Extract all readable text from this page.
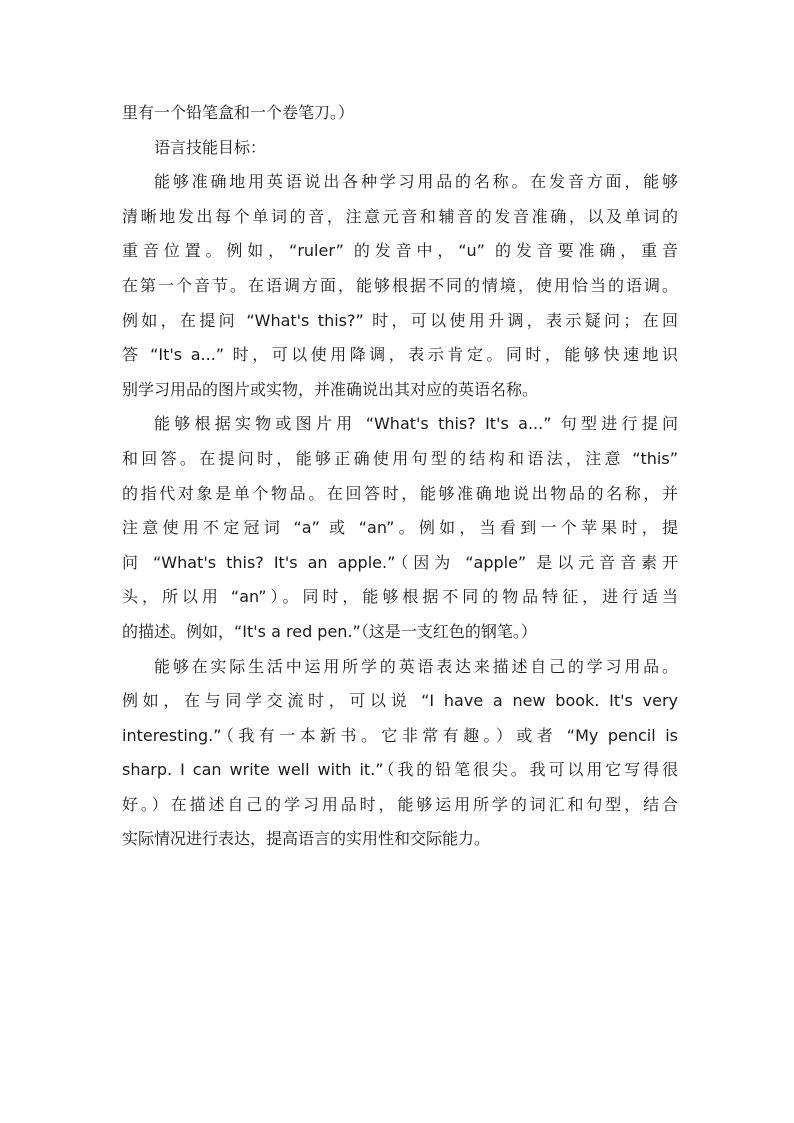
里有一个铅笔盒和一个卷笔刀。）
语言技能目标：
能够准确地用英语说出各种学习用品的名称。在发音方面，能够
清晰地发出每个单词的音，注意元音和辅音的发音准确，以及单词的
重音位置。例如，“ruler” 的发音中，“u” 的发音要准确，重音
在第一个音节。在语调方面，能够根据不同的情境，使用恰当的语调。
例如，在提问 “What's this?” 时，可以使用升调，表示疑问；在回
答 “It's a...” 时，可以使用降调，表示肯定。同时，能够快速地识
别学习用品的图片或实物，并准确说出其对应的英语名称。
能够根据实物或图片用 “What's this? It's a...” 句型进行提问
和回答。在提问时，能够正确使用句型的结构和语法，注意 “this”
的指代对象是单个物品。在回答时，能够准确地说出物品的名称，并
注意使用不定冠词 “a” 或 “an”。例如，当看到一个苹果时，提
问 “What's this? It's an apple.”（因为 “apple” 是以元音音素开
头，所以用 “an”）。同时，能够根据不同的物品特征，进行适当
的描述。例如，“It's a red pen.”（这是一支红色的钢笔。）
能够在实际生活中运用所学的英语表达来描述自己的学习用品。
例如，在与同学交流时，可以说 “I have a new book. It's very
interesting.”（我有一本新书。它非常有趣。）或者 “My pencil is
sharp. I can write well with it.”（我的铅笔很尖。我可以用它写得很
好。）在描述自己的学习用品时，能够运用所学的词汇和句型，结合
实际情况进行表达，提高语言的实用性和交际能力。
